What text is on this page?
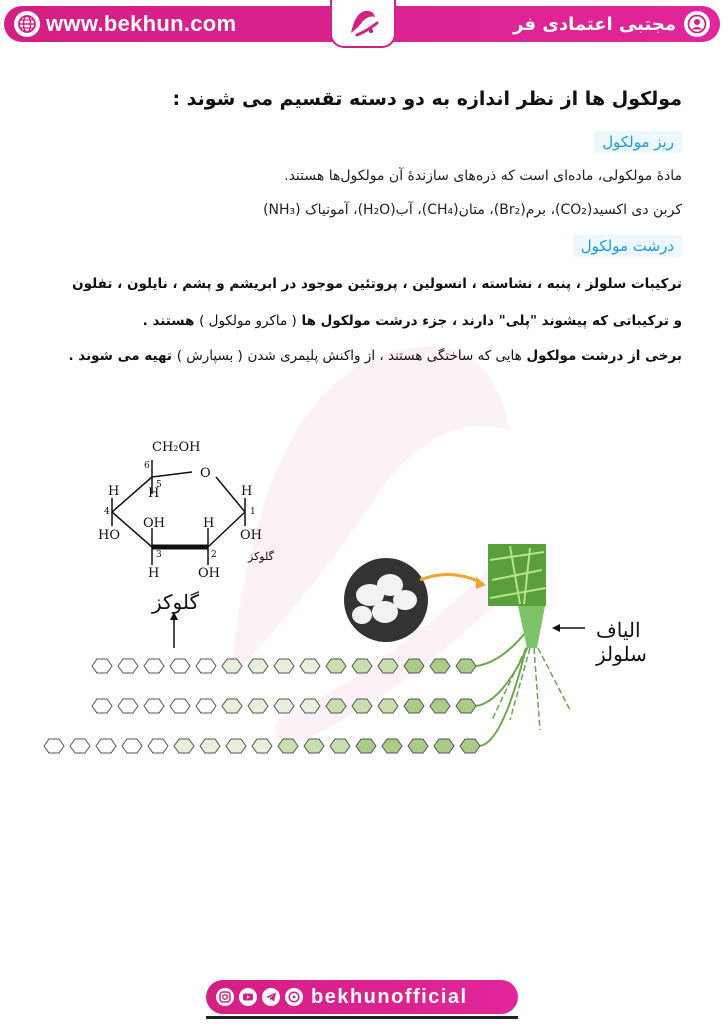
www.bekhun.com	مجتبی اعتمادی فر
مولکول ها از نظر اندازه به دو دسته تقسیم می شوند :
ریز مولکول
مادهٔ مولکولی، ماده‌ای است که ذره‌های سازندهٔ آن مولکول‌ها هستند.
کربن دی اکسید(CO₂)، برم(Br₂)، متان(CH₄)، آب(H₂O)، آمونیاک (NH₃)
درشت مولکول
ترکیبات سلولز ، پنبه ، نشاسته ، انسولین ، پروتئین موجود در ابریشم و پشم ، نایلون ، تفلون
و ترکیباتی که پیشوند "پلی" دارند ، جزء درشت مولکول ها ( ماکرو مولکول ) هستند .
برخی از درشت مولکول هایی که ساختگی هستند ، از واکنش پلیمری شدن ( بسپارش ) تهیه می شوند .
CH₂OH
O
H H	H
OH	H
HO	OH
H	OH
6
5
4	1
3	2	گلوکز
گلوکز
الیاف سلولز
bekhunofficial
